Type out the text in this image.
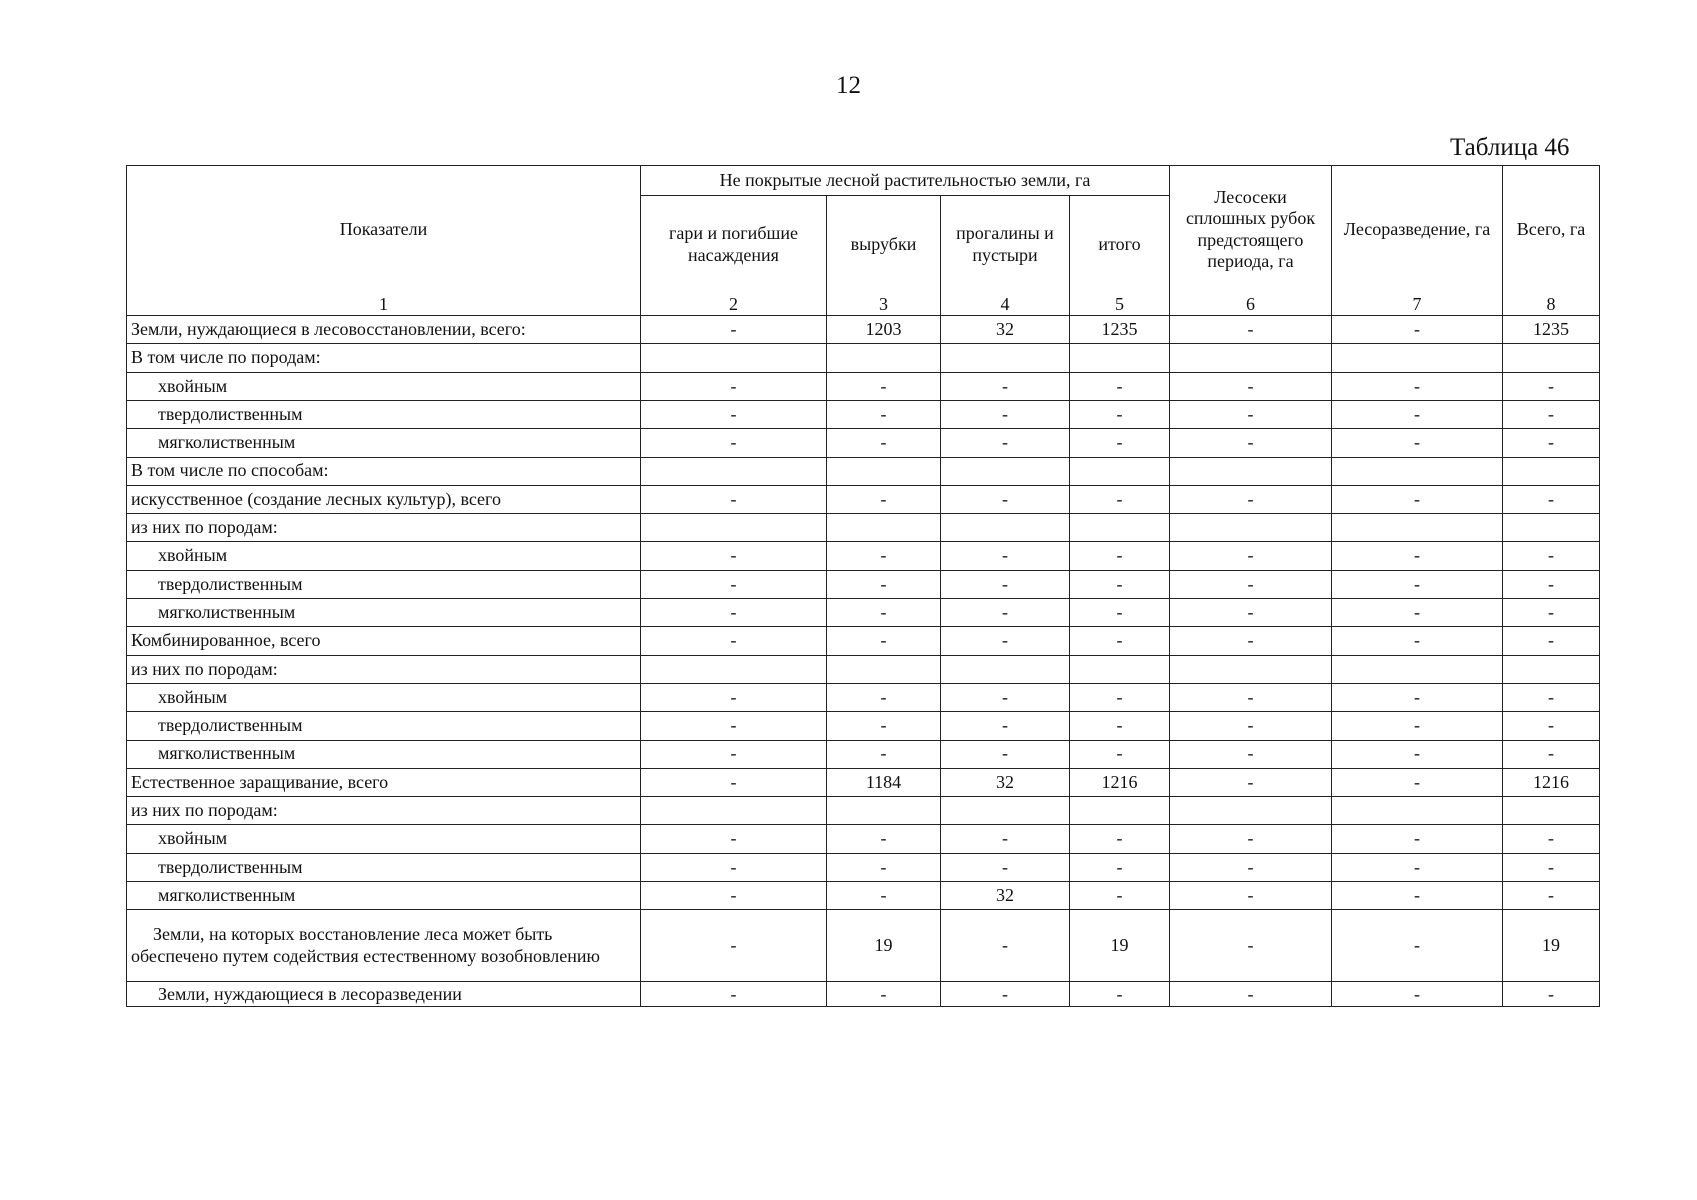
12
Таблица 46
Показатели	Не покрытые лесной растительностью земли, га				Лесосеки сплошных рубок предстоящего периода, га	Лесоразведение, га	Всего, га
	гари и погибшие насаждения	вырубки	прогалины и пустыри	итого			
1	2	3	4	5	6	7	8
Земли, нуждающиеся в лесовосстановлении, всего:	-	1203	32	1235	-	-	1235
В том числе по породам:							
хвойным	-	-	-	-	-	-	-
твердолиственным	-	-	-	-	-	-	-
мягколиственным	-	-	-	-	-	-	-
В том числе по способам:							
искусственное (создание лесных культур), всего	-	-	-	-	-	-	-
из них по породам:							
хвойным	-	-	-	-	-	-	-
твердолиственным	-	-	-	-	-	-	-
мягколиственным	-	-	-	-	-	-	-
Комбинированное, всего	-	-	-	-	-	-	-
из них по породам:							
хвойным	-	-	-	-	-	-	-
твердолиственным	-	-	-	-	-	-	-
мягколиственным	-	-	-	-	-	-	-
Естественное заращивание, всего	-	1184	32	1216	-	-	1216
из них по породам:							
хвойным	-	-	-	-	-	-	-
твердолиственным	-	-	-	-	-	-	-
мягколиственным	-	-	32	-	-	-	-
Земли, на которых восстановление леса может быть обеспечено путем содействия естественному возобновлению	-	19	-	19	-	-	19
Земли, нуждающиеся в лесоразведении	-	-	-	-	-	-	-
